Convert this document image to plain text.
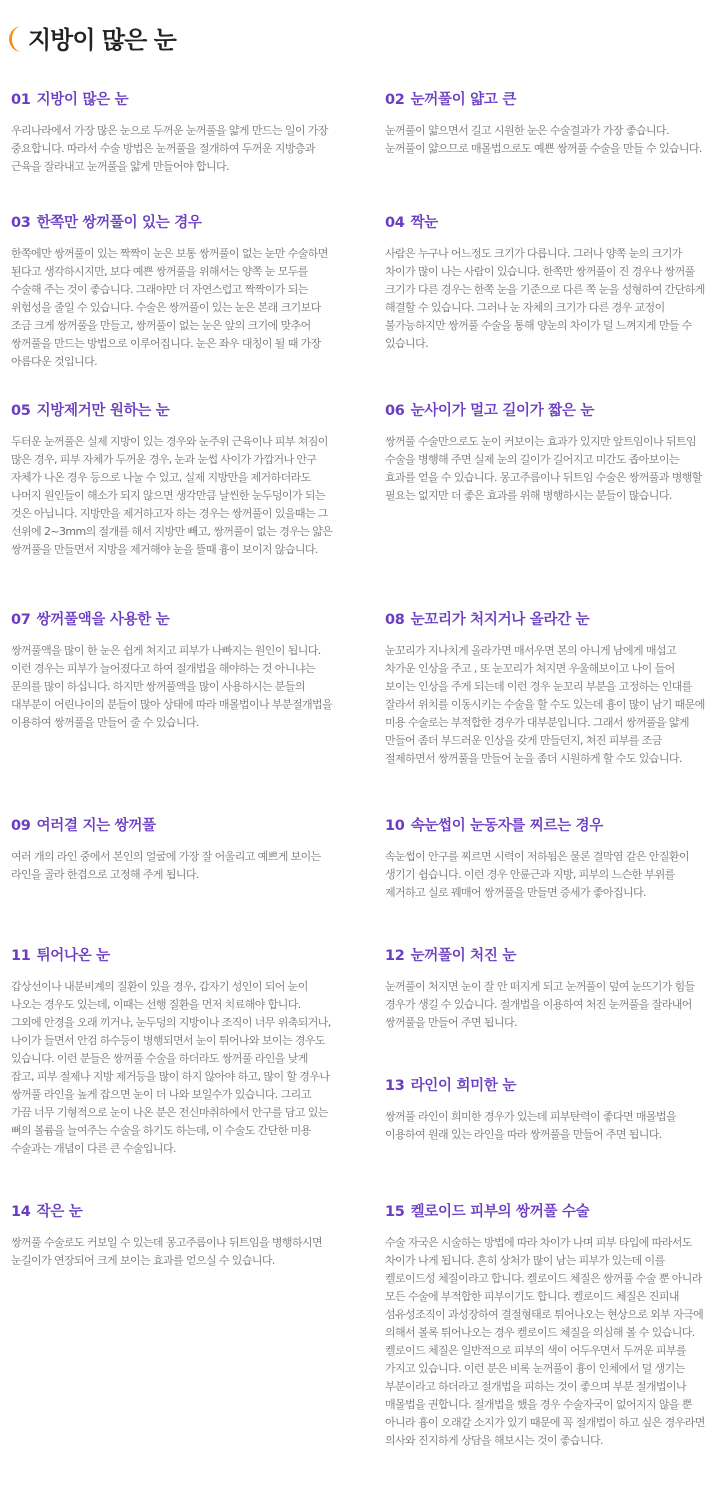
지방이 많은 눈
01 지방이 많은 눈

우리나라에서 가장 많은 눈으로 두꺼운 눈꺼풀을 얇게 만드는 일이 가장 중요합니다. 따라서 수술 방법은 눈꺼풀을 절개하여 두꺼운 지방층과 근육을 잘라내고 눈꺼풀을 얇게 만들어야 합니다.

03 한쪽만 쌍꺼풀이 있는 경우

한쪽에만 쌍꺼풀이 있는 짝짝이 눈은 보통 쌍꺼풀이 없는 눈만 수술하면 된다고 생각하시지만, 보다 예쁜 쌍꺼풀을 위해서는 양쪽 눈 모두를 수술해 주는 것이 좋습니다. 그래야만 더 자연스럽고 짝짝이가 되는 위험성을 줄일 수 있습니다. 수술은 쌍꺼풀이 있는 눈은 본래 크기보다 조금 크게 쌍꺼풀을 만들고, 쌍꺼풀이 없는 눈은 앞의 크기에 맞추어 쌍꺼풀을 만드는 방법으로 이루어집니다. 눈은 좌우 대칭이 될 때 가장 아름다운 것입니다.

05 지방제거만 원하는 눈

두터운 눈꺼풀은 실제 지방이 있는 경우와 눈주위 근육이나 피부 쳐짐이 많은 경우, 피부 자체가 두꺼운 경우, 눈과 눈썹 사이가 가깝거나 안구 자체가 나온 경우 등으로 나눌 수 있고, 실제 지방만을 제거하더라도 나머지 원인들이 해소가 되지 않으면 생각만큼 날씬한 눈두덩이가 되는 것은 아닙니다. 지방만을 제거하고자 하는 경우는 쌍꺼풀이 있을때는 그 선위에 2~3mm의 절개를 해서 지방만 빼고, 쌍꺼풀이 없는 경우는 얇은 쌍꺼풀을 만들면서 지방을 제거해야 눈을 뜰때 흉이 보이지 않습니다.

07 쌍꺼풀액을 사용한 눈

쌍꺼풀액을 많이 한 눈은 쉽게 쳐지고 피부가 나빠지는 원인이 됩니다. 이런 경우는 피부가 늘어졌다고 하여 절개법을 해야하는 것 아니냐는 문의를 많이 하십니다. 하지만 쌍꺼풀액을 많이 사용하시는 분들의 대부분이 어린나이의 분들이 많아 상태에 따라 매몰법이나 부분절개법을 이용하여 쌍꺼풀을 만들어 줄 수 있습니다.

09 여러결 지는 쌍꺼풀

여러 개의 라인 중에서 본인의 얼굴에 가장 잘 어울리고 예쁘게 보이는 라인을 골라 한겹으로 고정해 주게 됩니다.

11 튀어나온 눈

갑상선이나 내분비계의 질환이 있을 경우, 갑자기 성인이 되어 눈이 나오는 경우도 있는데, 이때는 선행 질환을 먼저 치료해야 합니다. 그외에 안경을 오래 끼거나, 눈두덩의 지방이나 조직이 너무 위축되거나, 나이가 들면서 안검 하수등이 병행되면서 눈이 튀어나와 보이는 경우도 있습니다. 이런 분들은 쌍꺼풀 수술을 하더라도 쌍꺼풀 라인을 낮게 잡고, 피부 절제나 지방 제거등을 많이 하지 않아야 하고, 많이 할 경우나 쌍꺼풀 라인을 높게 잡으면 눈이 더 나와 보일수가 있습니다. 그리고 가끔 너무 기형적으로 눈이 나온 분은 전신마취하에서 안구를 담고 있는 뼈의 볼륨을 늘여주는 수술을 하기도 하는데, 이 수술도 간단한 미용 수술과는 개념이 다른 큰 수술입니다.

14 작은 눈

쌍꺼풀 수술로도 커보일 수 있는데 몽고주름이나 뒤트임을 병행하시면 눈길이가 연장되어 크게 보이는 효과를 얻으실 수 있습니다.

02 눈꺼풀이 얇고 큰

눈꺼풀이 얇으면서 길고 시원한 눈은 수술결과가 가장 좋습니다. 눈꺼풀이 얇으므로 매몰법으로도 예쁜 쌍꺼풀 수술을 만들 수 있습니다.

04 짝눈

사람은 누구나 어느정도 크기가 다릅니다. 그러나 양쪽 눈의 크기가 차이가 많이 나는 사람이 있습니다. 한쪽만 쌍꺼풀이 진 경우나 쌍꺼풀 크기가 다른 경우는 한쪽 눈을 기준으로 다른 쪽 눈을 성형하여 간단하게 해결할 수 있습니다. 그러나 눈 자체의 크기가 다른 경우 교정이 불가능하지만 쌍꺼풀 수술을 통해 양눈의 차이가 덜 느껴지게 만들 수 있습니다.

06 눈사이가 멀고 길이가 짧은 눈

쌍꺼풀 수술만으로도 눈이 커보이는 효과가 있지만 앞트임이나 뒤트임 수술을 병행해 주면 실제 눈의 길이가 길어지고 미간도 좁아보이는 효과를 얻을 수 있습니다. 몽고주름이나 뒤트임 수술은 쌍꺼풀과 병행할 필요는 없지만 더 좋은 효과를 위해 병행하시는 분들이 많습니다.

08 눈꼬리가 처지거나 올라간 눈

눈꼬리가 지나치게 올라가면 매서우면 본의 아니게 남에게 매섭고 차가운 인상을 주고 , 또 눈꼬리가 쳐지면 우울해보이고 나이 들어 보이는 인상을 주게 되는데 이런 경우 눈꼬리 부분을 고정하는 인대를 잘라서 위치를 이동시키는 수술을 할 수도 있는데 흉이 많이 남기 때문에 미용 수술로는 부적합한 경우가 대부분입니다. 그래서 쌍꺼풀을 얇게 만들어 좀더 부드러운 인상을 갖게 만들던지, 쳐진 피부를 조금 절제하면서 쌍꺼풀을 만들어 눈을 좀더 시원하게 할 수도 있습니다.

10 속눈썹이 눈동자를 찌르는 경우

속눈썹이 안구를 찌르면 시력이 저하됨은 물론 결막염 같은 안질환이 생기기 쉽습니다. 이런 경우 안륜근과 지방, 피부의 느슨한 부위를 제거하고 실로 꿰매어 쌍꺼풀을 만들면 증세가 좋아집니다.

12 눈꺼풀이 처진 눈

눈꺼풀이 처지면 눈이 잘 안 떠지게 되고 눈꺼풀이 덮여 눈뜨기가 힘들 경우가 생길 수 있습니다. 절개법을 이용하여 처진 눈꺼풀을 잘라내어 쌍꺼풀을 만들어 주면 됩니다.

13 라인이 희미한 눈

쌍꺼풀 라인이 희미한 경우가 있는데 피부탄력이 좋다면 매몰법을 이용하여 원래 있는 라인을 따라 쌍꺼풀을 만들어 주면 됩니다.

15 켈로이드 피부의 쌍꺼풀 수술

수술 자국은 시술하는 방법에 따라 차이가 나며 피부 타입에 따라서도 차이가 나게 됩니다. 흔히 상처가 많이 남는 피부가 있는데 이를 켈로이드성 체질이라고 합니다. 켈로이드 체질은 쌍꺼풀 수술 뿐 아니라 모든 수술에 부적합한 피부이기도 합니다. 켈로이드 체질은 진피내 섬유성조직이 과성장하여 결절형태로 튀어나오는 현상으로 외부 자극에 의해서 볼록 튀어나오는 경우 켈로이드 체질을 의심해 볼 수 있습니다. 켈로이드 체질은 일반적으로 피부의 색이 어두우면서 두꺼운 피부를 가지고 있습니다. 이런 분은 비록 눈꺼풀이 흉이 인체에서 덜 생기는 부분이라고 하더라고 절개법을 피하는 것이 좋으며 부분 절개법이나 매몰법을 권합니다. 절개법을 했을 경우 수술자국이 없어지지 않을 뿐 아니라 흉이 오래갈 소지가 있기 때문에 꼭 절개법이 하고 싶은 경우라면 의사와 진지하게 상담을 해보시는 것이 좋습니다.
